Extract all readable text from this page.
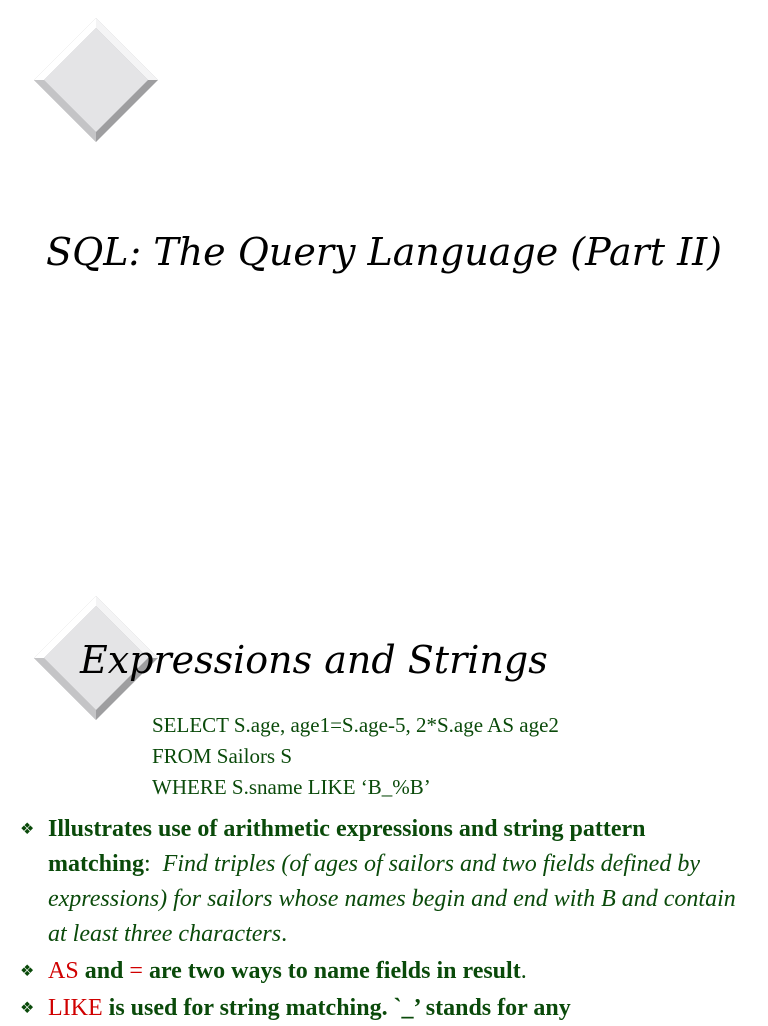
SQL: The Query Language (Part II)
Expressions and Strings
SELECT S.age, age1=S.age-5, 2*S.age AS age2
FROM Sailors S
WHERE S.sname LIKE ‘B_%B’
❖ Illustrates use of arithmetic expressions and string pattern matching: Find triples (of ages of sailors and two fields defined by expressions) for sailors whose names begin and end with B and contain at least three characters.
❖ AS and = are two ways to name fields in result.
❖ LIKE is used for string matching. `_’ stands for any
